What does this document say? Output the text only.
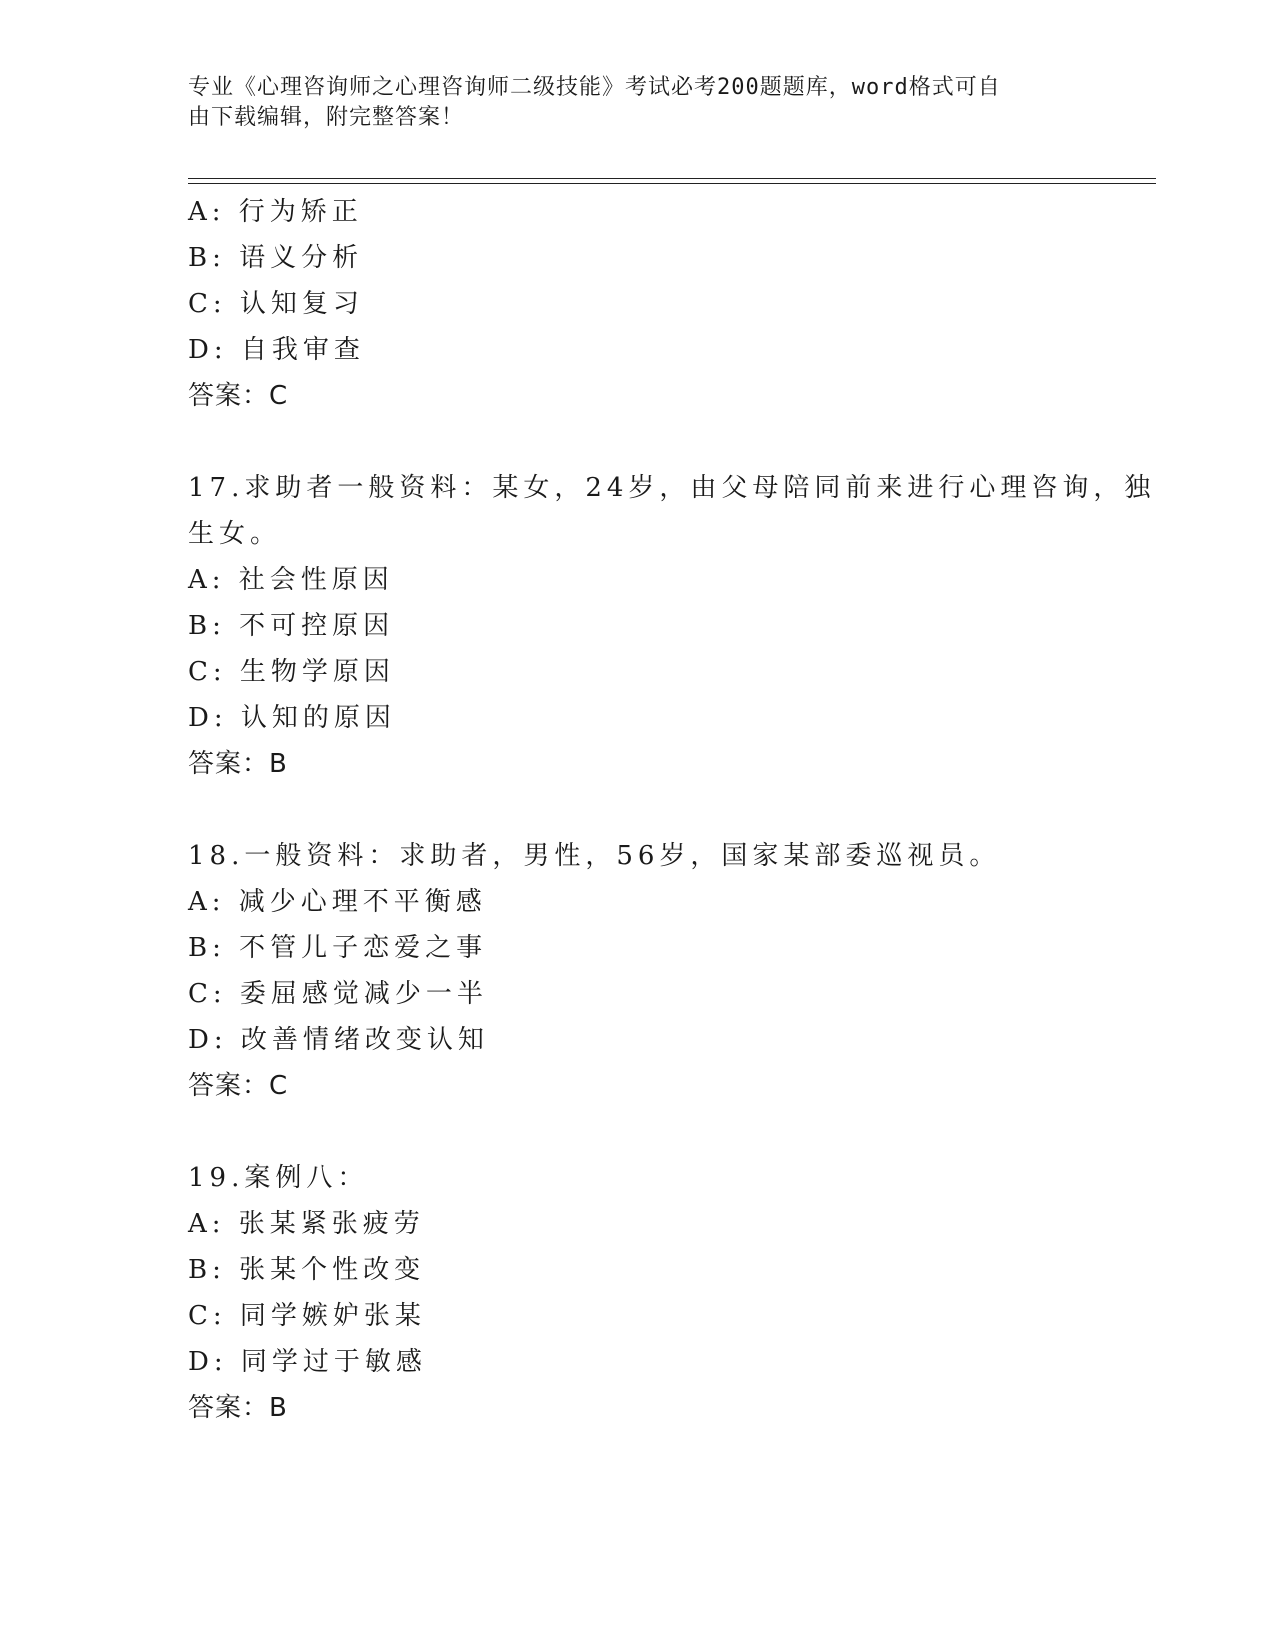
专业《心理咨询师之心理咨询师二级技能》考试必考200题题库，word格式可自
由下载编辑，附完整答案！
A: 行为矫正
B: 语义分析
C: 认知复习
D: 自我审查
答案：C
17.求助者一般资料：某女，24岁，由父母陪同前来进行心理咨询，独
生女。
A: 社会性原因
B: 不可控原因
C: 生物学原因
D: 认知的原因
答案：B
18.一般资料：求助者，男性，56岁，国家某部委巡视员。
A: 减少心理不平衡感
B: 不管儿子恋爱之事
C: 委屈感觉减少一半
D: 改善情绪改变认知
答案：C
19.案例八：
A: 张某紧张疲劳
B: 张某个性改变
C: 同学嫉妒张某
D: 同学过于敏感
答案：B
